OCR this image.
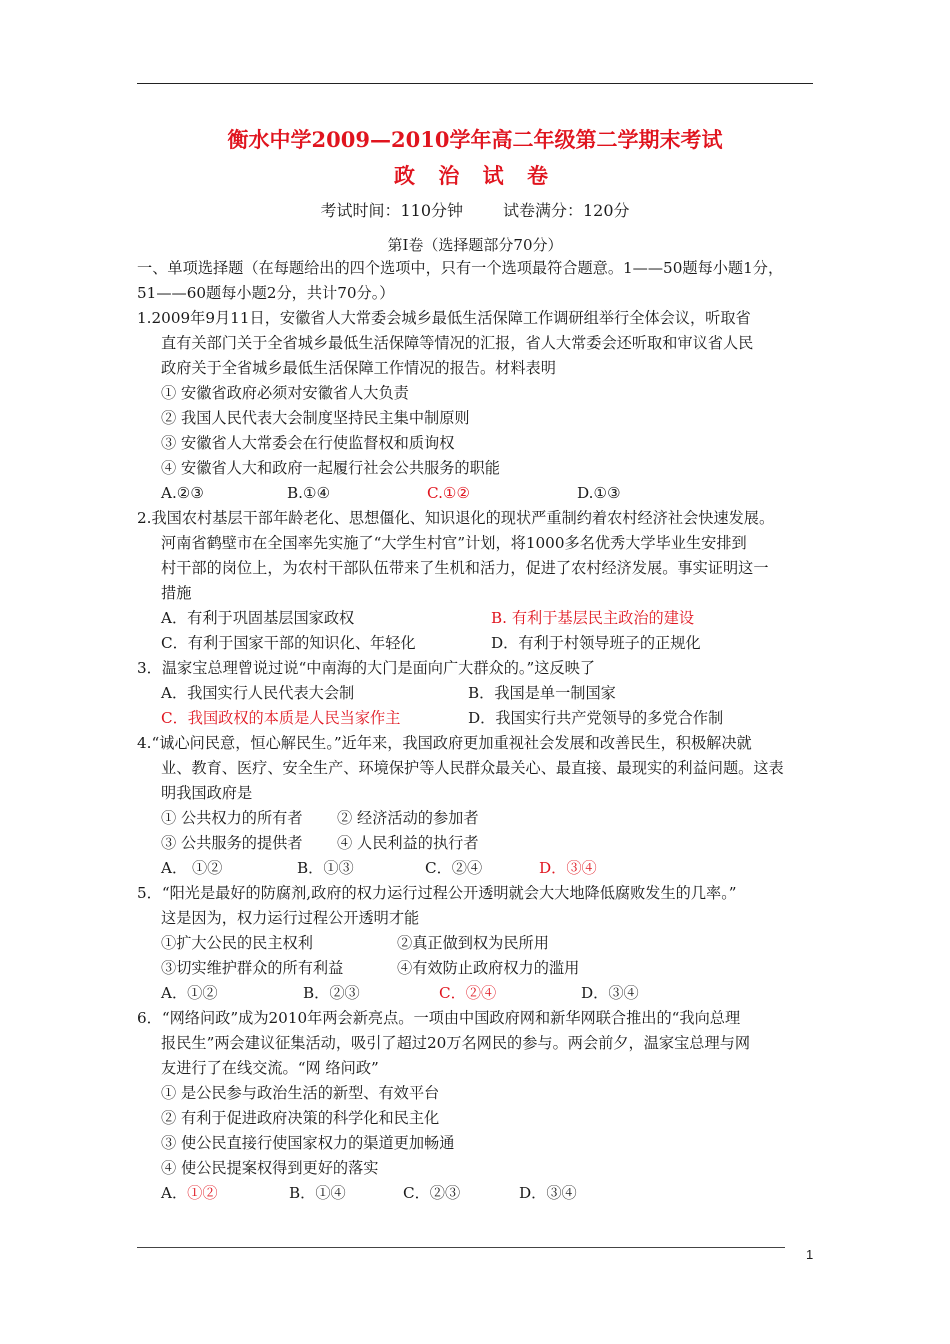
衡水中学2009—2010学年高二年级第二学期末考试
政 治 试 卷
考试时间：110分钟	试卷满分：120分
第Ⅰ卷（选择题部分70分）
一、单项选择题（在每题给出的四个选项中，只有一个选项最符合题意。1——50题每小题1分，
51——60题每小题2分，共计70分。）
1.2009年9月11日，安徽省人大常委会城乡最低生活保障工作调研组举行全体会议，听取省
直有关部门关于全省城乡最低生活保障等情况的汇报，省人大常委会还听取和审议省人民
政府关于全省城乡最低生活保障工作情况的报告。材料表明
① 安徽省政府必须对安徽省人大负责
② 我国人民代表大会制度坚持民主集中制原则
③ 安徽省人大常委会在行使监督权和质询权
④ 安徽省人大和政府一起履行社会公共服务的职能
A.②③	B.①④	C.①②	D.①③
2.我国农村基层干部年龄老化、思想僵化、知识退化的现状严重制约着农村经济社会快速发展。
河南省鹤壁市在全国率先实施了“大学生村官”计划，将1000多名优秀大学毕业生安排到
村干部的岗位上，为农村干部队伍带来了生机和活力，促进了农村经济发展。事实证明这一
措施
A．有利于巩固基层国家政权	B. 有利于基层民主政治的建设
C．有利于国家干部的知识化、年轻化	D．有利于村领导班子的正规化
3．温家宝总理曾说过说“中南海的大门是面向广大群众的。”这反映了
A．我国实行人民代表大会制	B．我国是单一制国家
C．我国政权的本质是人民当家作主	D．我国实行共产党领导的多党合作制
4.“诚心问民意，恒心解民生。”近年来，我国政府更加重视社会发展和改善民生，积极解决就
业、教育、医疗、安全生产、环境保护等人民群众最关心、最直接、最现实的利益问题。这表
明我国政府是
① 公共权力的所有者 ② 经济活动的参加者
③ 公共服务的提供者 ④ 人民利益的执行者
A． ①②	B．①③	C．②④	D．③④
5．“阳光是最好的防腐剂,政府的权力运行过程公开透明就会大大地降低腐败发生的几率。”
这是因为，权力运行过程公开透明才能
①扩大公民的民主权利	②真正做到权为民所用
③切实维护群众的所有利益	④有效防止政府权力的滥用
A．①②	B．②③	C．②④	D．③④
6．“网络问政”成为2010年两会新亮点。一项由中国政府网和新华网联合推出的“我向总理
报民生”两会建议征集活动，吸引了超过20万名网民的参与。两会前夕，温家宝总理与网
友进行了在线交流。“网 络问政”
① 是公民参与政治生活的新型、有效平台
② 有利于促进政府决策的科学化和民主化
③ 使公民直接行使国家权力的渠道更加畅通
④ 使公民提案权得到更好的落实
A．①②	B．①④	C．②③	D．③④
1
